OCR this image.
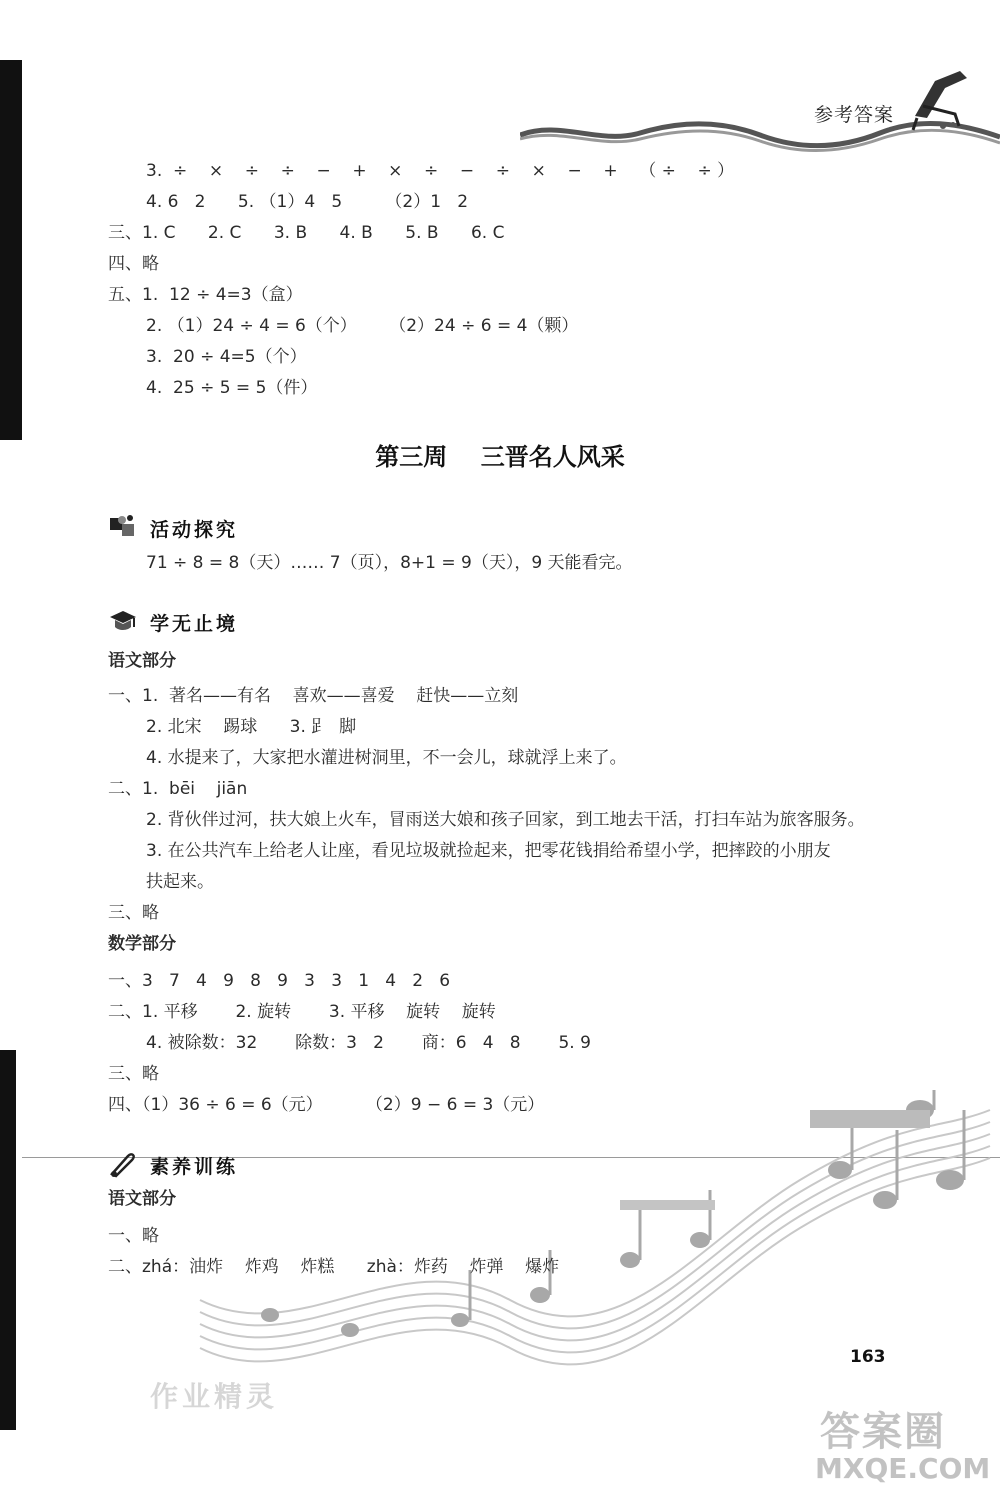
参考答案
3.  ÷    ×    ÷    ÷    −    +    ×    ÷    −    ÷    ×    −    +    （ ÷    ÷ ）
4. 6   2      5. （1）4   5        （2）1   2
三、1. C      2. C      3. B      4. B      5. B      6. C
四、略
五、1.  12 ÷ 4=3（盒）
2. （1）24 ÷ 4 = 6（个）      （2）24 ÷ 6 = 4（颗）
3.  20 ÷ 4=5（个）
4.  25 ÷ 5 = 5（件）
第三周    三晋名人风采
活动探究
71 ÷ 8 = 8（天）…… 7（页），8+1 = 9（天），9 天能看完。
学无止境
语文部分
一、1.  著名——有名    喜欢——喜爱    赶快——立刻
2. 北宋    踢球      3. 𧾷  脚
4. 水提来了，大家把水灌进树洞里，不一会儿，球就浮上来了。
二、1.  bēi    jiān
2. 背伙伴过河，扶大娘上火车，冒雨送大娘和孩子回家，到工地去干活，打扫车站为旅客服务。
3. 在公共汽车上给老人让座，看见垃圾就捡起来，把零花钱捐给希望小学，把摔跤的小朋友
扶起来。
三、略
数学部分
一、3   7   4   9   8   9   3   3   1   4   2   6
二、1. 平移       2. 旋转       3. 平移    旋转    旋转
4. 被除数：32       除数：3   2       商：6   4   8       5. 9
三、略
四、（1）36 ÷ 6 = 6（元）        （2）9 − 6 = 3（元）
素养训练
语文部分
一、略
二、zhá：油炸    炸鸡    炸糕      zhà：炸药    炸弹    爆炸
163
作业精灵
答案圈
MXQE.COM
